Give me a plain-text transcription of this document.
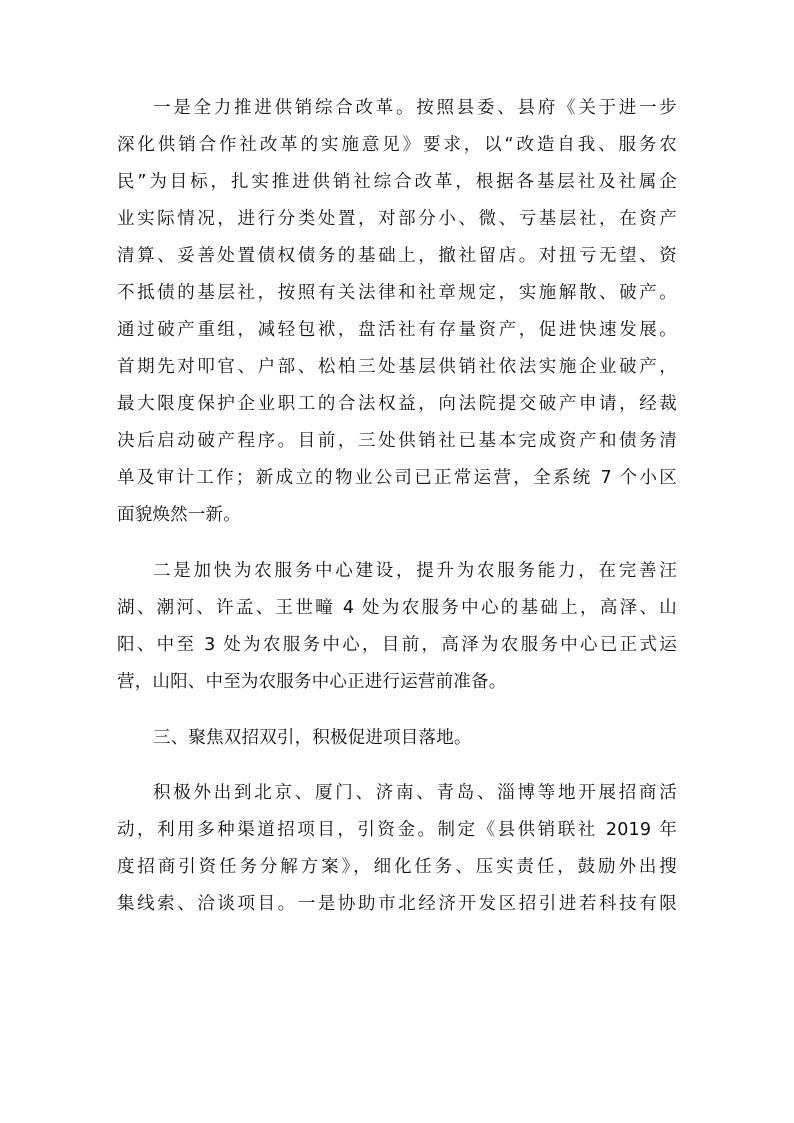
一是全力推进供销综合改革。按照县委、县府《关于进一步
深化供销合作社改革的实施意见》要求，以“改造自我、服务农
民”为目标，扎实推进供销社综合改革，根据各基层社及社属企
业实际情况，进行分类处置，对部分小、微、亏基层社，在资产
清算、妥善处置债权债务的基础上，撤社留店。对扭亏无望、资
不抵债的基层社，按照有关法律和社章规定，实施解散、破产。
通过破产重组，减轻包袱，盘活社有存量资产，促进快速发展。
首期先对叩官、户部、松柏三处基层供销社依法实施企业破产，
最大限度保护企业职工的合法权益，向法院提交破产申请，经裁
决后启动破产程序。目前，三处供销社已基本完成资产和债务清
单及审计工作；新成立的物业公司已正常运营，全系统 7 个小区
面貌焕然一新。
二是加快为农服务中心建设，提升为农服务能力，在完善汪
湖、潮河、许孟、王世疃 4 处为农服务中心的基础上，高泽、山
阳、中至 3 处为农服务中心，目前，高泽为农服务中心已正式运
营，山阳、中至为农服务中心正进行运营前准备。
三、聚焦双招双引，积极促进项目落地。
积极外出到北京、厦门、济南、青岛、淄博等地开展招商活
动，利用多种渠道招项目，引资金。制定《县供销联社 2019 年
度招商引资任务分解方案》，细化任务、压实责任，鼓励外出搜
集线索、洽谈项目。一是协助市北经济开发区招引进若科技有限
